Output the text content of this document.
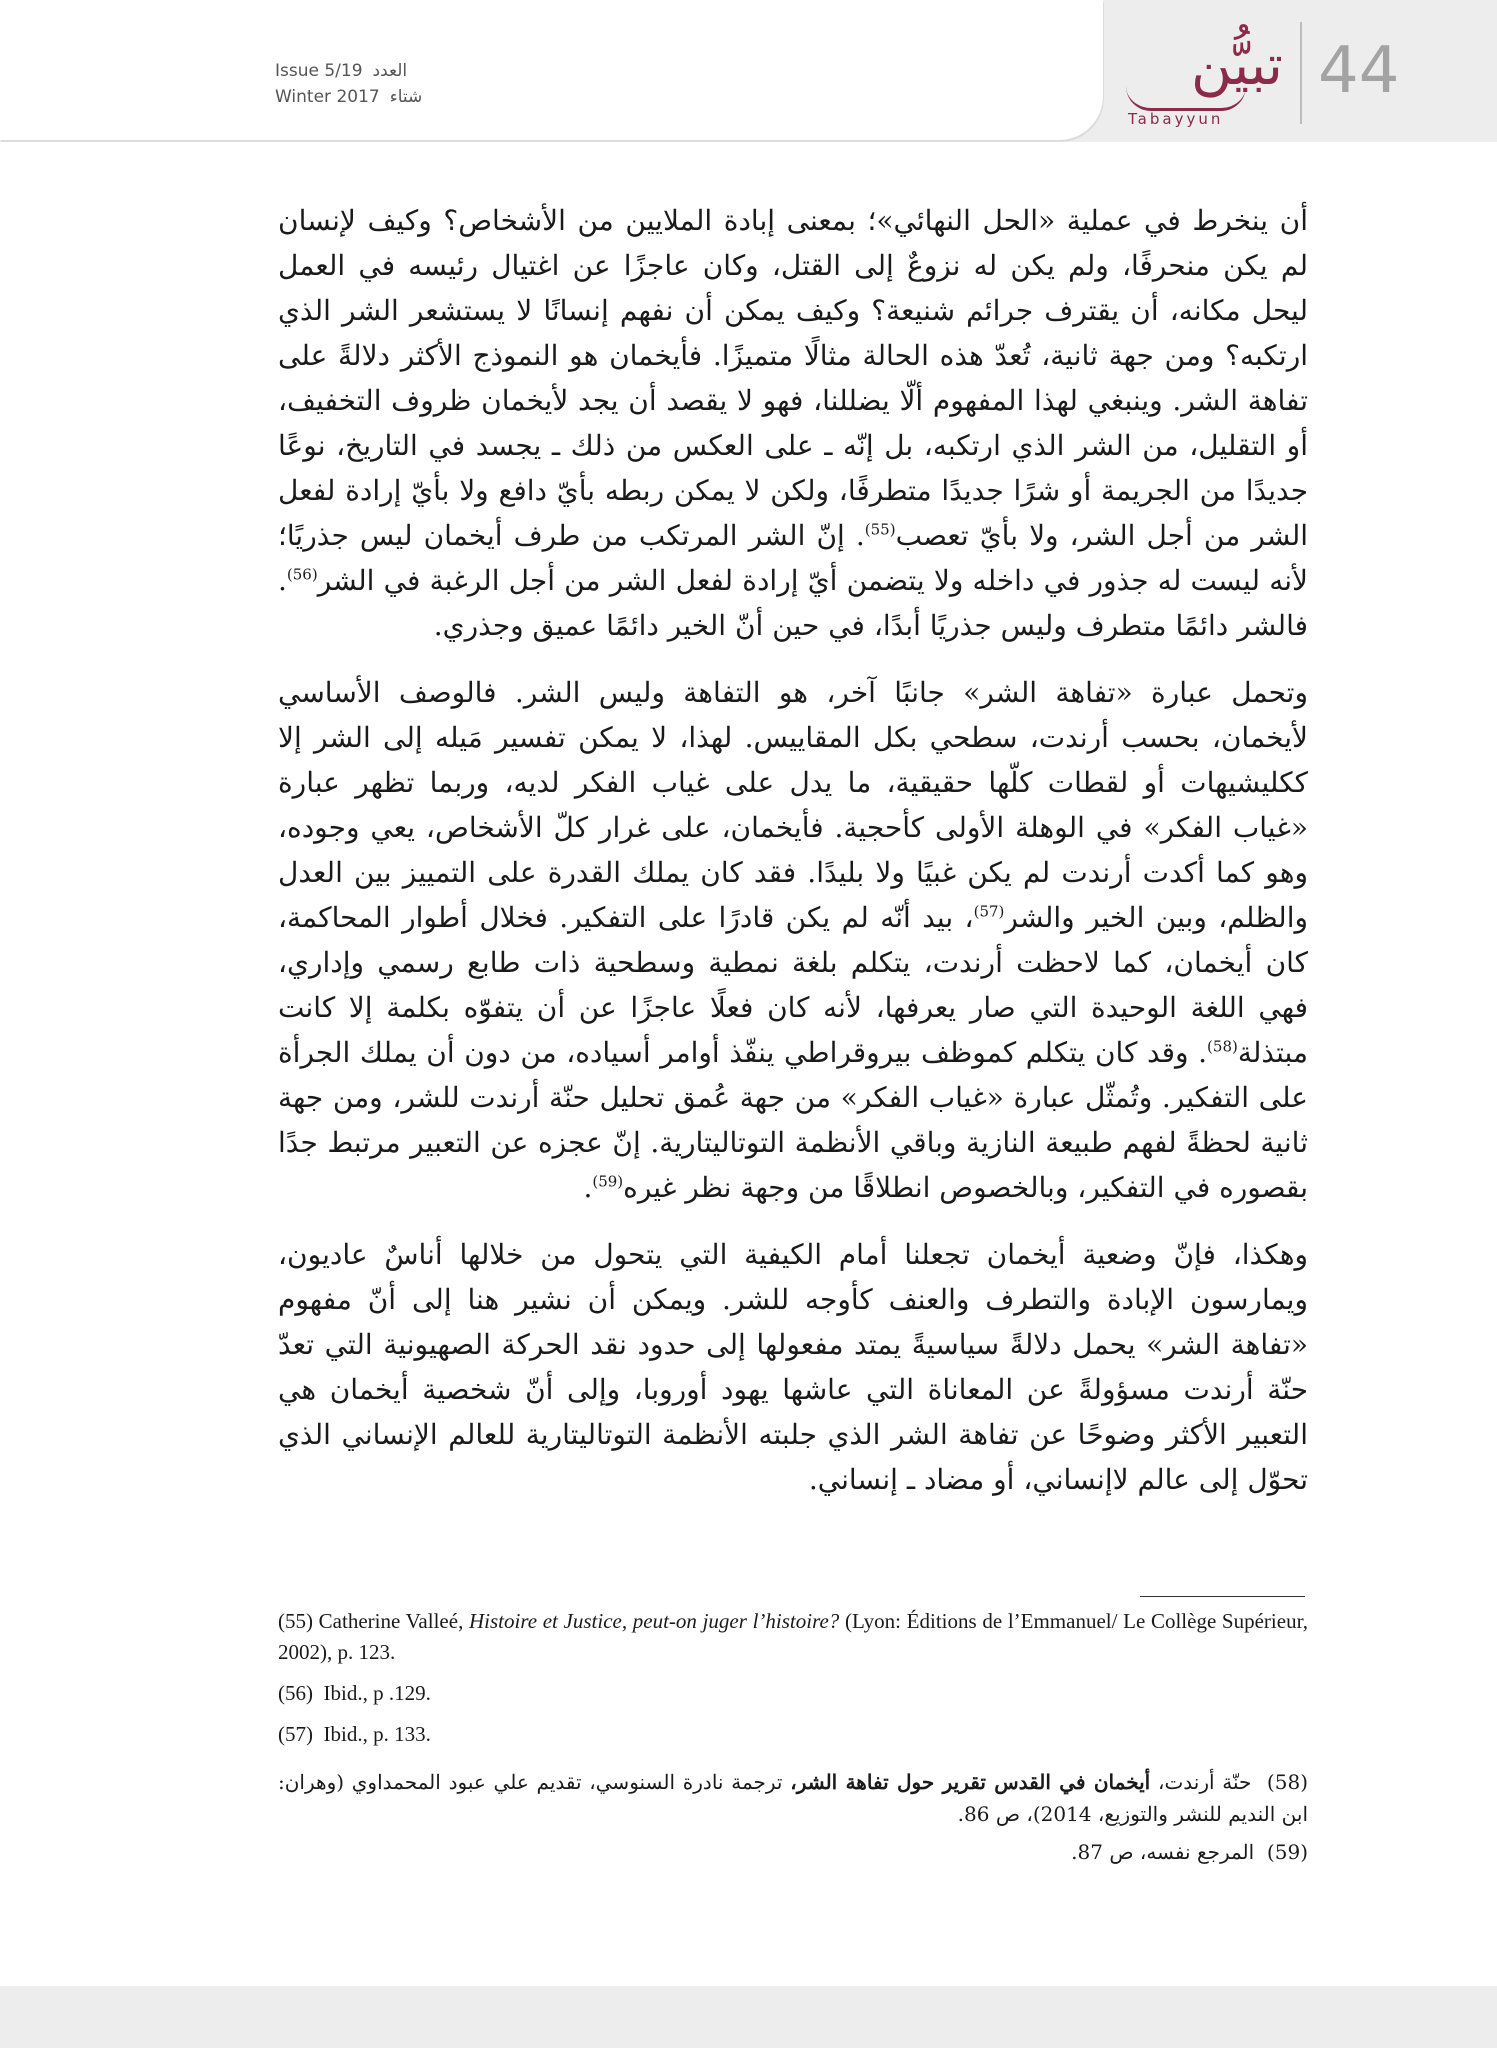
Issue 5/19 العدد
Winter 2017 شتاء	تبيُّن
Tabayyun
44

أن ينخرط في عملية «الحل النهائي»؛ بمعنى إبادة الملايين من الأشخاص؟ وكيف لإنسان لم يكن منحرفًا، ولم يكن له نزوعٌ إلى القتل، وكان عاجزًا عن اغتيال رئيسه في العمل ليحل مكانه، أن يقترف جرائم شنيعة؟ وكيف يمكن أن نفهم إنسانًا لا يستشعر الشر الذي ارتكبه؟ ومن جهة ثانية، تُعدّ هذه الحالة مثالًا متميزًا. فأيخمان هو النموذج الأكثر دلالةً على تفاهة الشر. وينبغي لهذا المفهوم ألّا يضللنا، فهو لا يقصد أن يجد لأيخمان ظروف التخفيف، أو التقليل، من الشر الذي ارتكبه، بل إنّه ـ على العكس من ذلك ـ يجسد في التاريخ، نوعًا جديدًا من الجريمة أو شرًا جديدًا متطرفًا، ولكن لا يمكن ربطه بأيّ دافع ولا بأيّ إرادة لفعل الشر من أجل الشر، ولا بأيّ تعصب$^{(55)}$. إنّ الشر المرتكب من طرف أيخمان ليس جذريًا؛ لأنه ليست له جذور في داخله ولا يتضمن أيّ إرادة لفعل الشر من أجل الرغبة في الشر$^{(56)}$. فالشر دائمًا متطرف وليس جذريًا أبدًا، في حين أنّ الخير دائمًا عميق وجذري.

وتحمل عبارة «تفاهة الشر» جانبًا آخر، هو التفاهة وليس الشر. فالوصف الأساسي لأيخمان، بحسب أرندت، سطحي بكل المقاييس. لهذا، لا يمكن تفسير مَيله إلى الشر إلا ككليشيهات أو لقطات كلّها حقيقية، ما يدل على غياب الفكر لديه، وربما تظهر عبارة «غياب الفكر» في الوهلة الأولى كأحجية. فأيخمان، على غرار كلّ الأشخاص، يعي وجوده، وهو كما أكدت أرندت لم يكن غبيًا ولا بليدًا. فقد كان يملك القدرة على التمييز بين العدل والظلم، وبين الخير والشر$^{(57)}$، بيد أنّه لم يكن قادرًا على التفكير. فخلال أطوار المحاكمة، كان أيخمان، كما لاحظت أرندت، يتكلم بلغة نمطية وسطحية ذات طابع رسمي وإداري، فهي اللغة الوحيدة التي صار يعرفها، لأنه كان فعلًا عاجزًا عن أن يتفوّه بكلمة إلا كانت مبتذلة$^{(58)}$. وقد كان يتكلم كموظف بيروقراطي ينفّذ أوامر أسياده، من دون أن يملك الجرأة على التفكير. وتُمثّل عبارة «غياب الفكر» من جهة عُمق تحليل حنّة أرندت للشر، ومن جهة ثانية لحظةً لفهم طبيعة النازية وباقي الأنظمة التوتاليتارية. إنّ عجزه عن التعبير مرتبط جدًا بقصوره في التفكير، وبالخصوص انطلاقًا من وجهة نظر غيره$^{(59)}$.

وهكذا، فإنّ وضعية أيخمان تجعلنا أمام الكيفية التي يتحول من خلالها أناسٌ عاديون، ويمارسون الإبادة والتطرف والعنف كأوجه للشر. ويمكن أن نشير هنا إلى أنّ مفهوم «تفاهة الشر» يحمل دلالةً سياسيةً يمتد مفعولها إلى حدود نقد الحركة الصهيونية التي تعدّ حنّة أرندت مسؤولةً عن المعاناة التي عاشها يهود أوروبا، وإلى أنّ شخصية أيخمان هي التعبير الأكثر وضوحًا عن تفاهة الشر الذي جلبته الأنظمة التوتاليتارية للعالم الإنساني الذي تحوّل إلى عالم لاإنساني، أو مضاد ـ إنساني.

(55) Catherine Valleé, Histoire et Justice, peut-on juger l’histoire? (Lyon: Éditions de l’Emmanuel/ Le Collège Supérieur, 2002), p. 123.

(56) Ibid., p .129.

(57) Ibid., p. 133.

(58)  حنّة أرندت، أيخمان في القدس تقرير حول تفاهة الشر، ترجمة نادرة السنوسي، تقديم علي عبود المحمداوي (وهران: ابن النديم للنشر والتوزيع، 2014)، ص 86.

(59)  المرجع نفسه، ص 87.
